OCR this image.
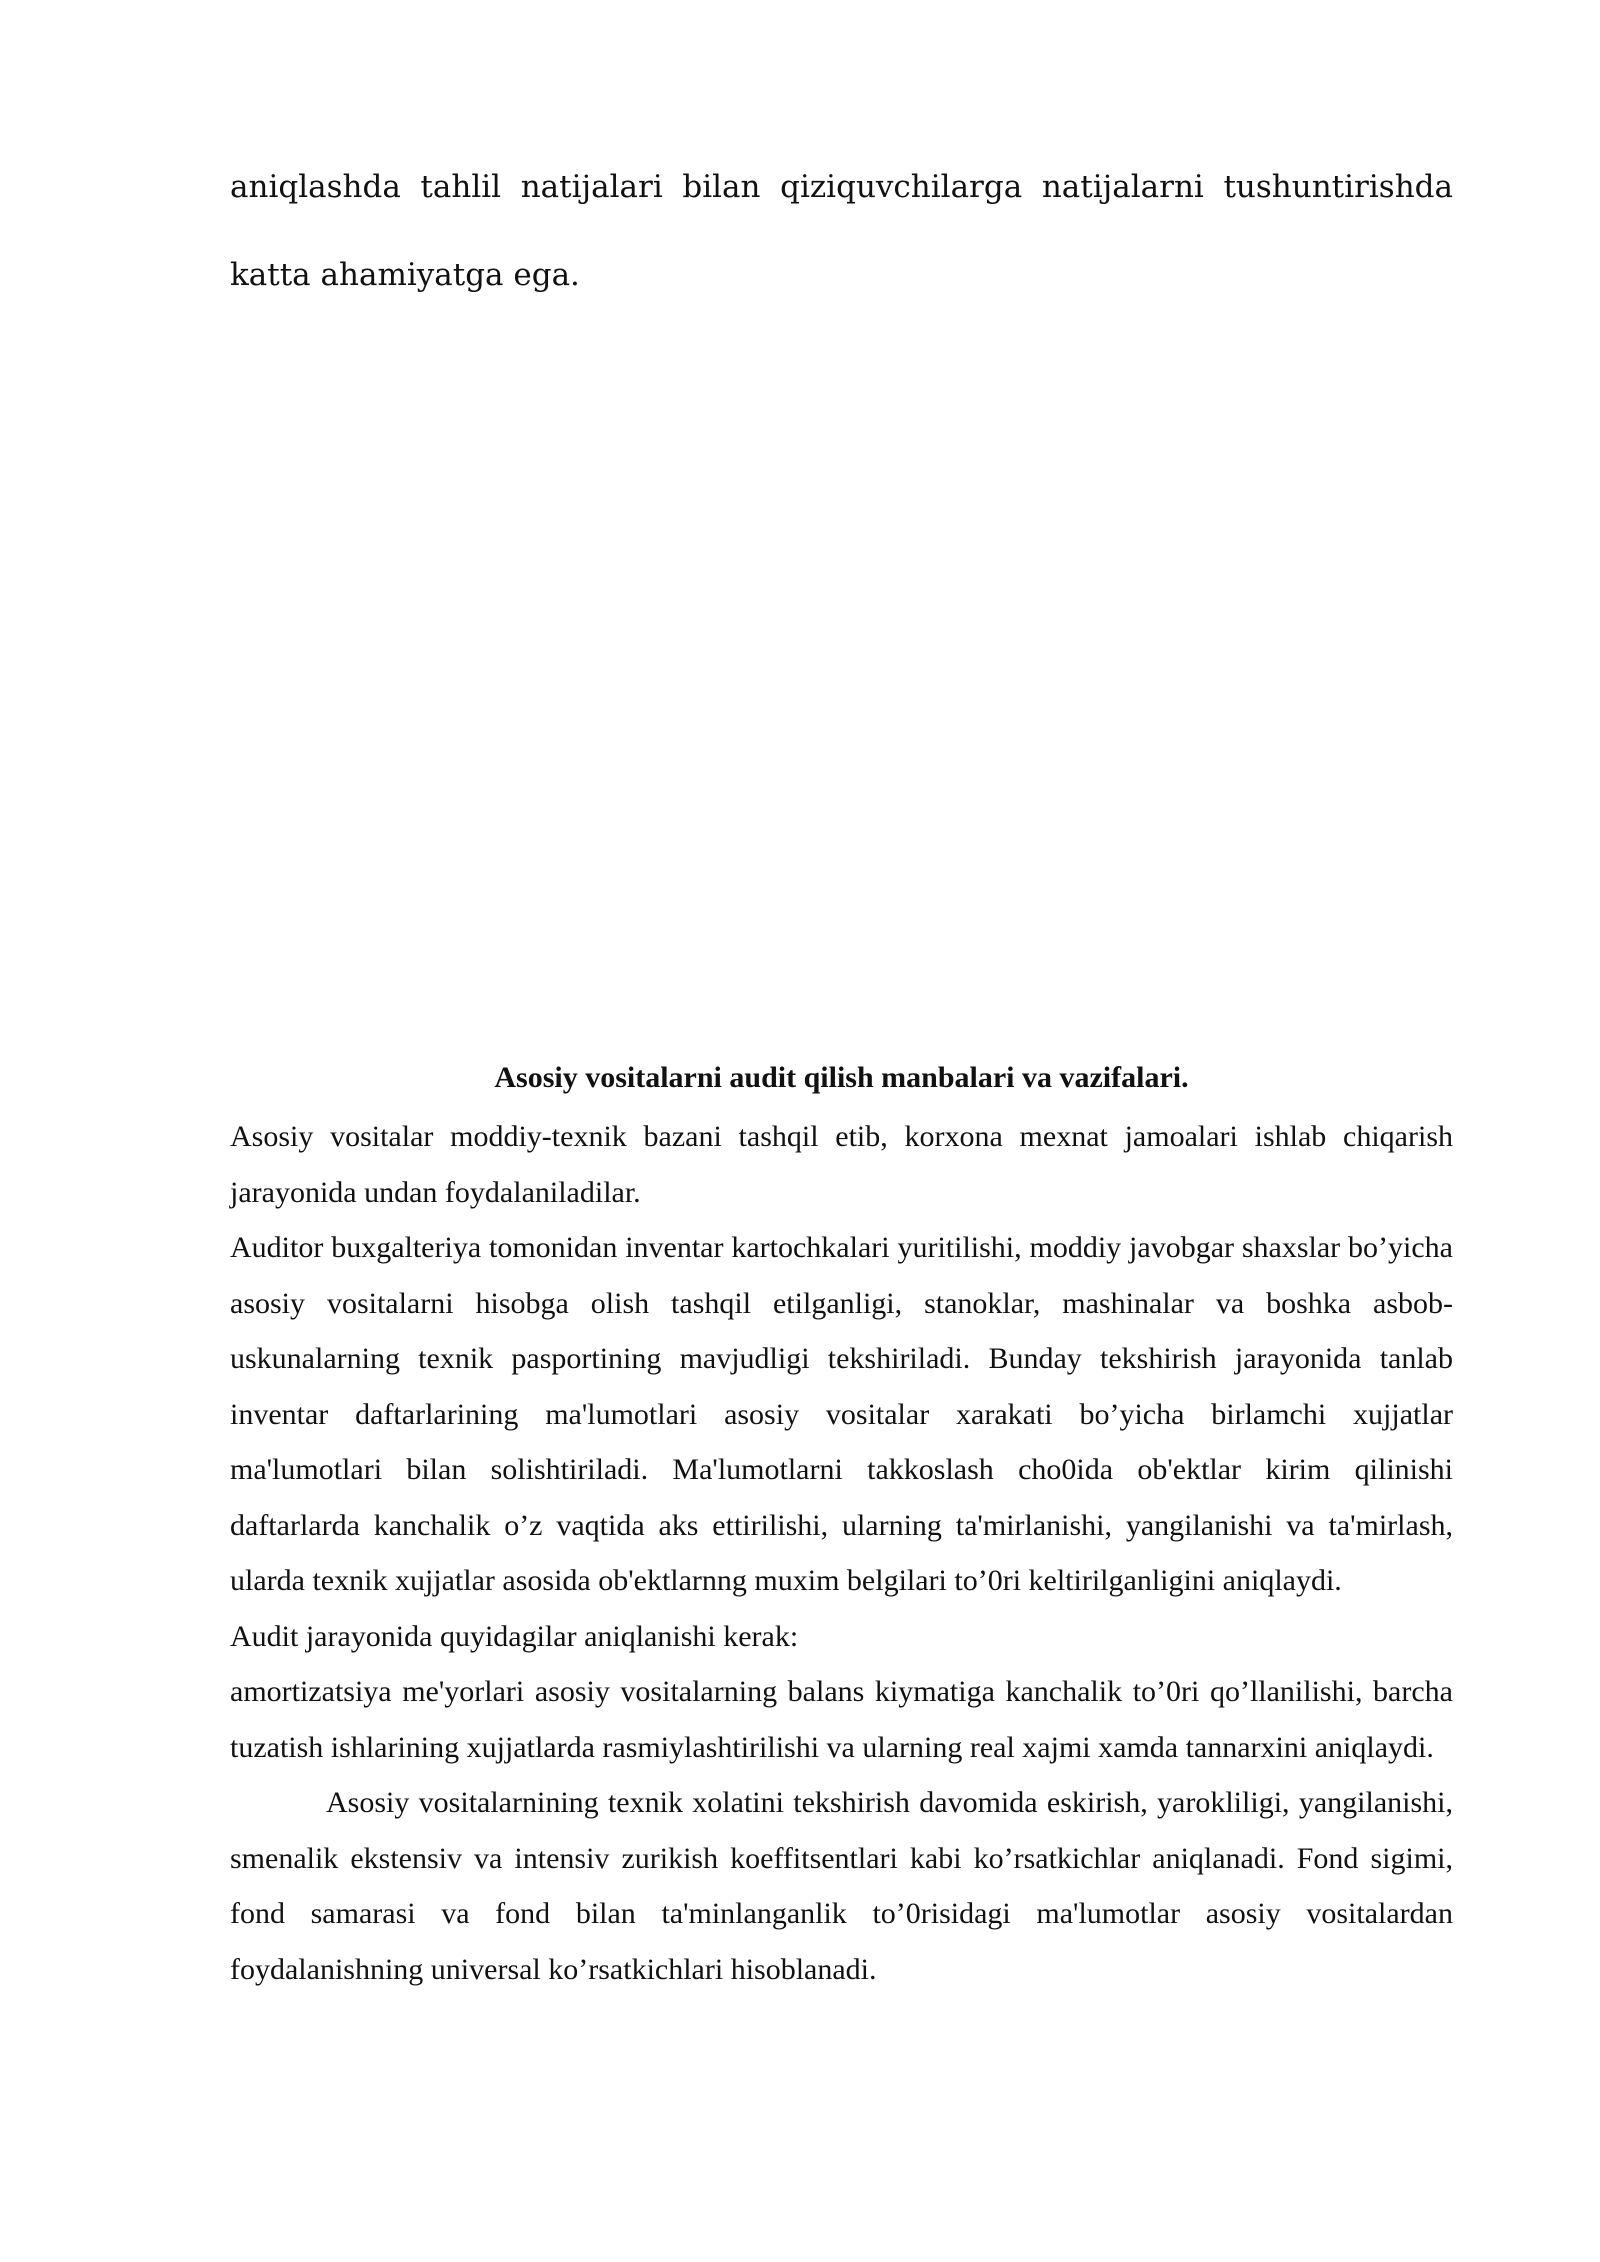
aniqlashda tahlil natijalari bilan qiziquvchilarga natijalarni tushuntirishda katta ahamiyatga ega.

Asosiy vositalarni audit qilish manbalari va vazifalari.

Asosiy vositalar moddiy-texnik bazani tashqil etib, korxona mexnat jamoalari ishlab chiqarish jarayonida undan foydalaniladilar.

Auditor buxgalteriya tomonidan inventar kartochkalari yuritilishi, moddiy javobgar shaxslar bo’yicha asosiy vositalarni hisobga olish tashqil etilganligi, stanoklar, mashinalar va boshka asbob-uskunalarning texnik pasportining mavjudligi tekshiriladi. Bunday tekshirish jarayonida tanlab inventar daftarlarining ma'lumotlari asosiy vositalar xarakati bo’yicha birlamchi xujjatlar ma'lumotlari bilan solishtiriladi. Ma'lumotlarni takkoslash cho0ida ob'ektlar kirim qilinishi daftarlarda kanchalik o’z vaqtida aks ettirilishi, ularning ta'mirlanishi, yangilanishi va ta'mirlash, ularda texnik xujjatlar asosida ob'ektlarnng muxim belgilari to’0ri keltirilganligini aniqlaydi.

Audit jarayonida quyidagilar aniqlanishi kerak:

amortizatsiya me'yorlari asosiy vositalarning balans kiymatiga kanchalik to’0ri qo’llanilishi, barcha tuzatish ishlarining xujjatlarda rasmiylashtirilishi va ularning real xajmi xamda tannarxini aniqlaydi.

Asosiy vositalarnining texnik xolatini tekshirish davomida eskirish, yarokliligi, yangilanishi, smenalik ekstensiv va intensiv zurikish koeffitsentlari kabi ko’rsatkichlar aniqlanadi. Fond sigimi, fond samarasi va fond bilan ta'minlanganlik to’0risidagi ma'lumotlar asosiy vositalardan foydalanishning universal ko’rsatkichlari hisoblanadi.
